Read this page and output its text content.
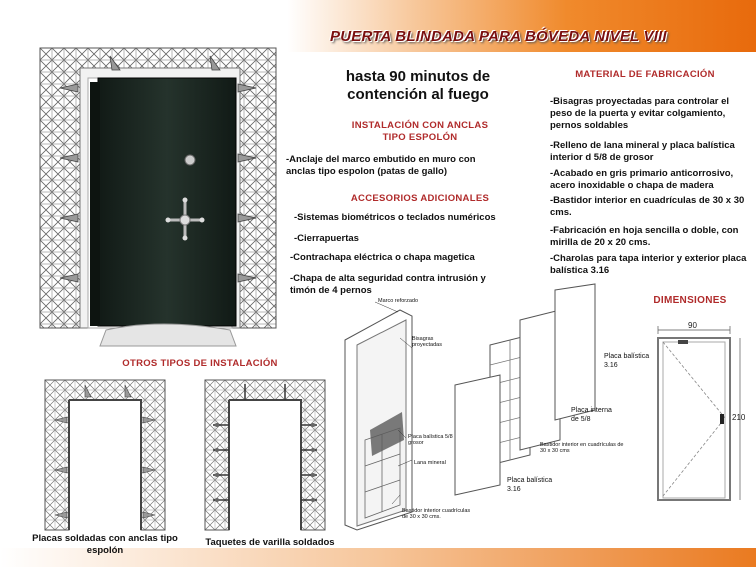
PUERTA BLINDADA PARA BÓVEDA NIVEL VIII
hasta 90 minutos de contención al fuego
INSTALACIÓN CON ANCLAS TIPO ESPOLÓN
-Anclaje del marco embutido en muro con anclas tipo espolon (patas de gallo)
ACCESORIOS ADICIONALES
-Sistemas biométricos o teclados numéricos
-Cierrapuertas
-Contrachapa eléctrica o chapa magetica
-Chapa de alta seguridad contra intrusión y timón de 4 pernos
MATERIAL DE FABRICACIÓN
-Bisagras proyectadas para controlar el peso de la puerta y evitar colgamiento, pernos soldables
-Relleno de lana mineral y placa balística interior d 5/8 de grosor
-Acabado en gris primario anticorrosivo, acero inoxidable o chapa de madera
-Bastidor interior en cuadrículas de 30 x 30 cms.
-Fabricación en hoja sencilla o doble, con mirilla de 20 x 20 cms.
-Charolas para tapa interior y exterior placa balística 3.16
OTROS TIPOS DE INSTALACIÓN
Placas soldadas con anclas tipo espolón
Taquetes de varilla soldados
Marco reforzado
Bisagras proyectadas
Placa balística 5/8 grosor
Lana mineral
Bastidor interior cuadrículas de 30 x 30 cms.
Placa balística 3.16
Placa interna de 5/8
Bastidor interior en cuadrículas de 30 x 30 cms
Placa balística 3.16
DIMENSIONES
90
210
